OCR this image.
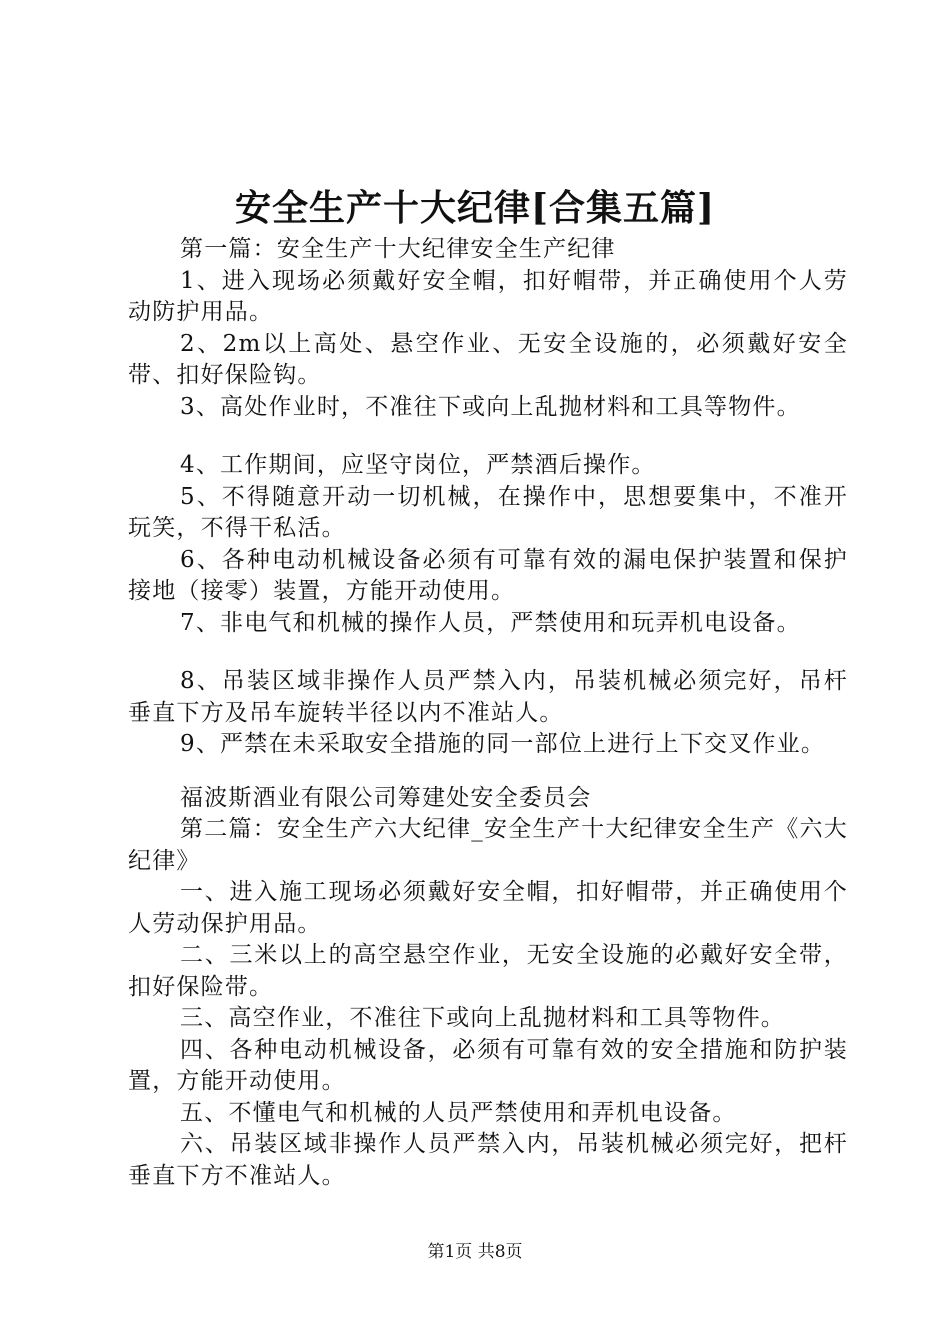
安全生产十大纪律[合集五篇]

第一篇：安全生产十大纪律安全生产纪律

1、进入现场必须戴好安全帽，扣好帽带，并正确使用个人劳动防护用品。

2、2m以上高处、悬空作业、无安全设施的，必须戴好安全带、扣好保险钩。

3、高处作业时，不准往下或向上乱抛材料和工具等物件。

4、工作期间，应坚守岗位，严禁酒后操作。

5、不得随意开动一切机械，在操作中，思想要集中，不准开玩笑，不得干私活。

6、各种电动机械设备必须有可靠有效的漏电保护装置和保护接地（接零）装置，方能开动使用。

7、非电气和机械的操作人员，严禁使用和玩弄机电设备。

8、吊装区域非操作人员严禁入内，吊装机械必须完好，吊杆垂直下方及吊车旋转半径以内不准站人。

9、严禁在未采取安全措施的同一部位上进行上下交叉作业。

福波斯酒业有限公司筹建处安全委员会

第二篇：安全生产六大纪律_安全生产十大纪律安全生产《六大纪律》

一、进入施工现场必须戴好安全帽，扣好帽带，并正确使用个人劳动保护用品。

二、三米以上的高空悬空作业，无安全设施的必戴好安全带，扣好保险带。

三、高空作业，不准往下或向上乱抛材料和工具等物件。

四、各种电动机械设备，必须有可靠有效的安全措施和防护装置，方能开动使用。

五、不懂电气和机械的人员严禁使用和弄机电设备。

六、吊装区域非操作人员严禁入内，吊装机械必须完好，把杆垂直下方不准站人。

第1页 共8页
